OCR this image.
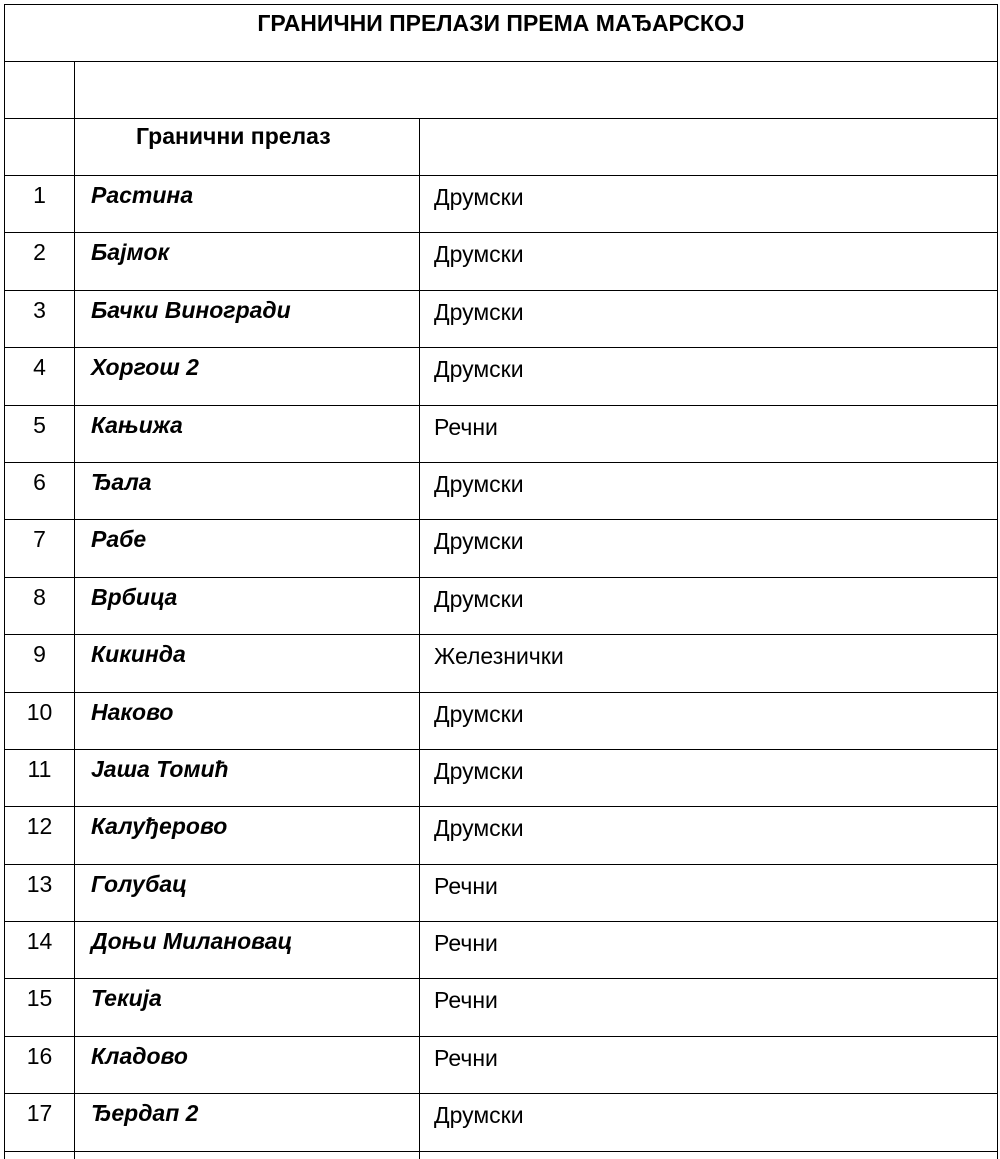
ГРАНИЧНИ ПРЕЛАЗИ ПРЕМА МАЂАРСКОЈ		

	Гранични прелаз	
1	Растина	Друмски
2	Бајмок	Друмски
3	Бачки Виногради	Друмски
4	Хоргош 2	Друмски
5	Кањижа	Речни
6	Ђала	Друмски
7	Рабе	Друмски
8	Врбица	Друмски
9	Кикинда	Железнички
10	Наково	Друмски
11	Јаша Томић	Друмски
12	Калуђерово	Друмски
13	Голубац	Речни
14	Доњи Милановац	Речни
15	Текија	Речни
16	Кладово	Речни
17	Ђердап 2	Друмски
